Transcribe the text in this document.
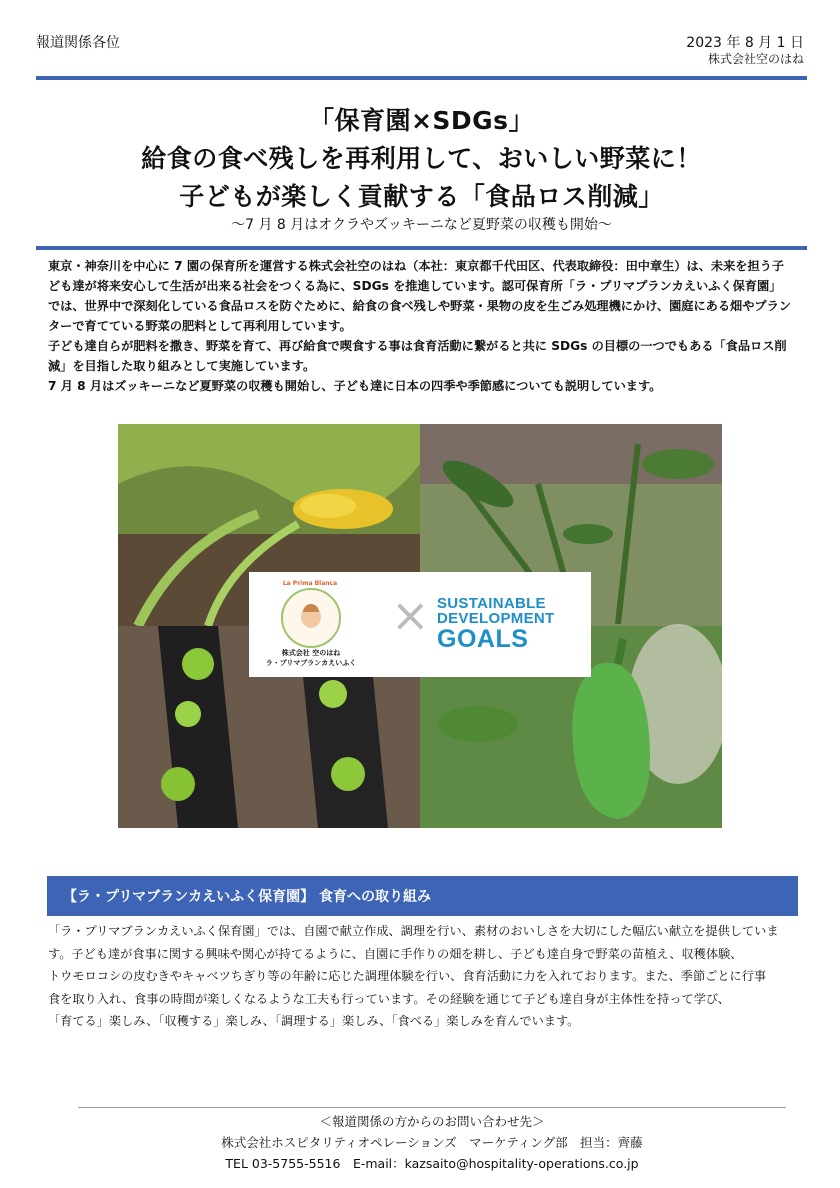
報道関係各位	2023 年 8 月 1 日
株式会社空のはね
「保育園×SDGs」
給食の食べ残しを再利用して、おいしい野菜に！
子どもが楽しく貢献する「食品ロス削減」
～7 月 8 月はオクラやズッキーニなど夏野菜の収穫も開始～

東京・神奈川を中心に 7 園の保育所を運営する株式会社空のはね（本社：東京都千代田区、代表取締役：田中章生）は、未来を担う子ども達が将来安心して生活が出来る社会をつくる為に、SDGs を推進しています。認可保育所「ラ・プリマプランカえいふく保育園」では、世界中で深刻化している食品ロスを防ぐために、給食の食べ残しや野菜・果物の皮を生ごみ処理機にかけ、園庭にある畑やプランターで育てている野菜の肥料として再利用しています。

子ども達自らが肥料を撒き、野菜を育て、再び給食で喫食する事は食育活動に繋がると共に SDGs の目標の一つでもある「食品ロス削減」を目指した取り組みとして実施しています。

7 月 8 月はズッキーニなど夏野菜の収穫も開始し、子ども達に日本の四季や季節感についても説明しています。

La Prima Blanca
株式会社 空のはね
ラ・プリマブランカえいふく
× SUSTAINABLE
DEVELOPMENT
GOALS
【ラ・プリマブランカえいふく保育園】 食育への取り組み

「ラ・プリマブランカえいふく保育園」では、自園で献立作成、調理を行い、素材のおいしさを大切にした幅広い献立を提供していま

す。子ども達が食事に関する興味や関心が持てるように、自園に手作りの畑を耕し、子ども達自身で野菜の苗植え、収穫体験、

トウモロコシの皮むきやキャベツちぎり等の年齢に応じた調理体験を行い、食育活動に力を入れております。また、季節ごとに行事

食を取り入れ、食事の時間が楽しくなるような工夫も行っています。その経験を通じて子ども達自身が主体性を持って学び、

「育てる」楽しみ、「収穫する」楽しみ、「調理する」楽しみ、「食べる」楽しみを育んでいます。

＜報道関係の方からのお問い合わせ先＞
株式会社ホスピタリティオペレーションズ　マーケティング部　担当：齊藤
TEL 03-5755-5516　E-mail：kazsaito@hospitality-operations.co.jp
